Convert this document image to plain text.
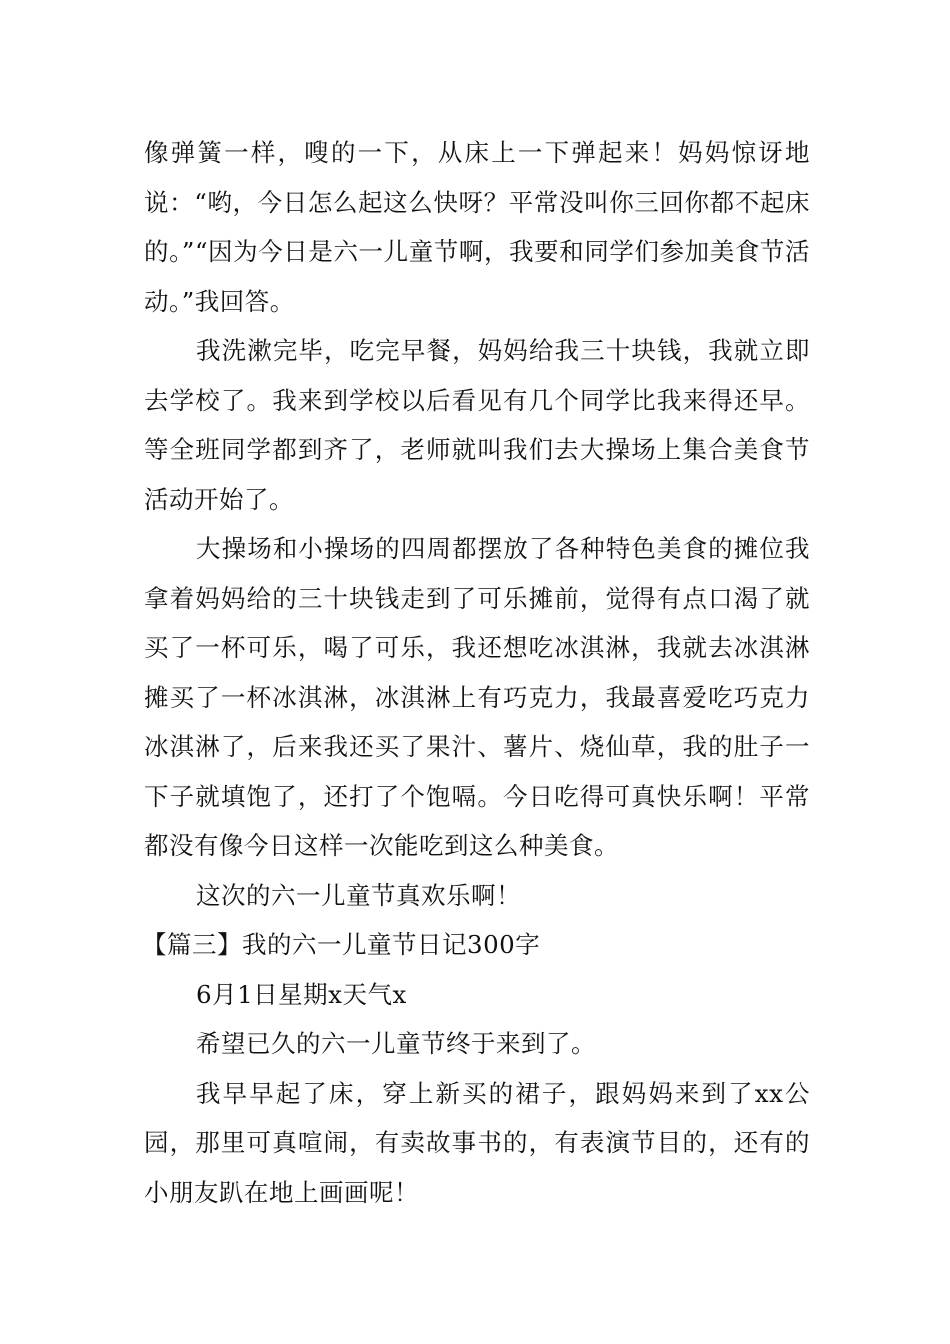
像弹簧一样，嗖的一下，从床上一下弹起来！妈妈惊讶地说：“哟，今日怎么起这么快呀？平常没叫你三回你都不起床的。”“因为今日是六一儿童节啊，我要和同学们参加美食节活动。”我回答。

我洗漱完毕，吃完早餐，妈妈给我三十块钱，我就立即去学校了。我来到学校以后看见有几个同学比我来得还早。等全班同学都到齐了，老师就叫我们去大操场上集合美食节活动开始了。

大操场和小操场的四周都摆放了各种特色美食的摊位我拿着妈妈给的三十块钱走到了可乐摊前，觉得有点口渴了就买了一杯可乐，喝了可乐，我还想吃冰淇淋，我就去冰淇淋摊买了一杯冰淇淋，冰淇淋上有巧克力，我最喜爱吃巧克力冰淇淋了，后来我还买了果汁、薯片、烧仙草，我的肚子一下子就填饱了，还打了个饱嗝。今日吃得可真快乐啊！平常都没有像今日这样一次能吃到这么种美食。

这次的六一儿童节真欢乐啊！

【篇三】我的六一儿童节日记300字

6月1日星期x天气x

希望已久的六一儿童节终于来到了。

我早早起了床，穿上新买的裙子，跟妈妈来到了xx公园，那里可真喧闹，有卖故事书的，有表演节目的，还有的小朋友趴在地上画画呢！
